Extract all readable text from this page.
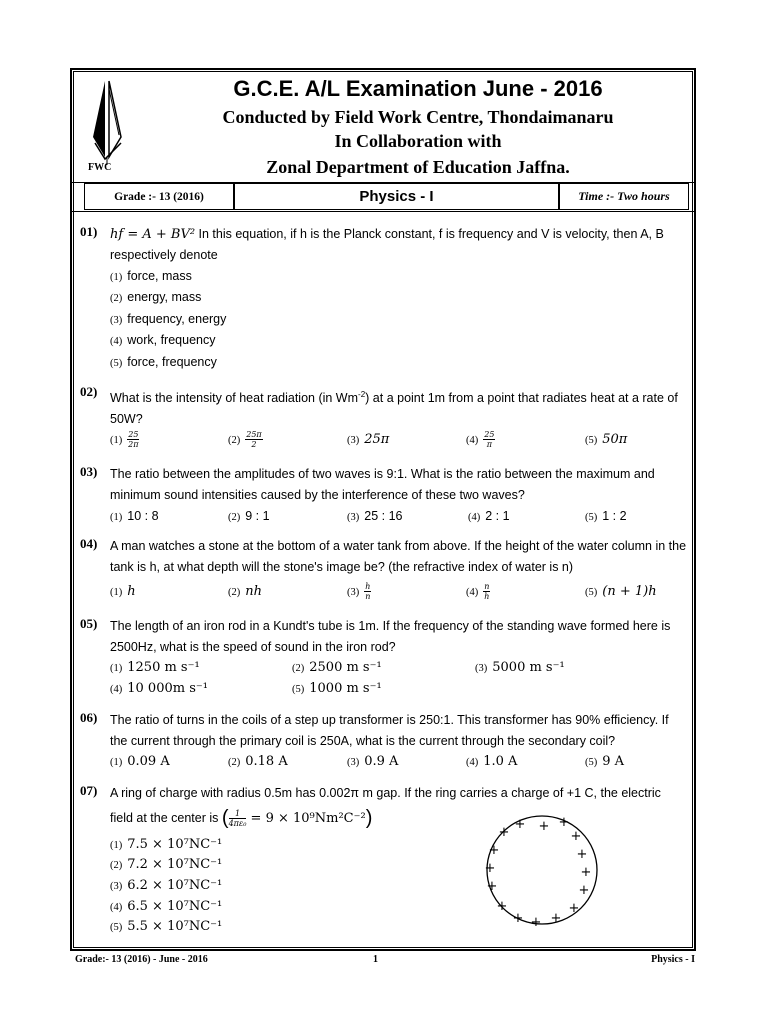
FWC
G.C.E. A/L Examination June - 2016
Conducted by Field Work Centre, Thondaimanaru
In Collaboration with
Zonal Department of Education Jaffna.
Grade :- 13 (2016)	Physics - I	Time :- Two hours
01) hf = A + BV² In this equation, if h is the Planck constant, f is frequency and V is velocity, then A, B respectively denote
(1) force, mass
(2) energy, mass
(3) frequency, energy
(4) work, frequency
(5) force, frequency
02) What is the intensity of heat radiation (in $Wm^{-2}$) at a point 1m from a point that radiates heat at a rate of 50W?
$(1) \frac{25}{2\pi}$	$(2) \frac{25\pi}{2}$	(3) 25π	$(4) \frac{25}{\pi}$	(5) 50π
03) The ratio between the amplitudes of two waves is 9:1. What is the ratio between the maximum and minimum sound intensities caused by the interference of these two waves?
(1) 10 : 8	(2) 9 : 1	(3) 25 : 16	(4) 2 : 1	(5) 1 : 2
04) A man watches a stone at the bottom of a water tank from above. If the height of the water column in the tank is h, at what depth will the stone's image be? (the refractive index of water is n)
(1) h	(2) nh	$(3) \frac{h}{n}$	$(4) \frac{n}{h}$	(5) (n + 1)h
05) The length of an iron rod in a Kundt's tube is 1m. If the frequency of the standing wave formed here is 2500Hz, what is the speed of sound in the iron rod?
(1) 1250 m s⁻¹	(2) 2500 m s⁻¹	(3) 5000 m s⁻¹
(4) 10 000m s⁻¹	(5) 1000 m s⁻¹
06) The ratio of turns in the coils of a step up transformer is 250:1. This transformer has 90% efficiency. If the current through the primary coil is 250A, what is the current through the secondary coil?
(1) 0.09 A	(2) 0.18 A	(3) 0.9 A	(4) 1.0 A	(5) 9 A
07) A ring of charge with radius 0.5m has 0.002π m gap. If the ring carries a charge of +1 C, the electric
field at the center is ( $\frac{1}{\text{4πε₀}} = 9 \times 10^9Nm^2C^{-2}$)
(1) 7.5 × 10⁷NC⁻¹
(2) 7.2 × 10⁷NC⁻¹
(3) 6.2 × 10⁷NC⁻¹
(4) 6.5 × 10⁷NC⁻¹
(5) 5.5 × 10⁷NC⁻¹
+
+ + +
+
+
+
+
+
+
+
+
+
+
+
+
Grade:- 13 (2016) - June - 2016	1	Physics - I
